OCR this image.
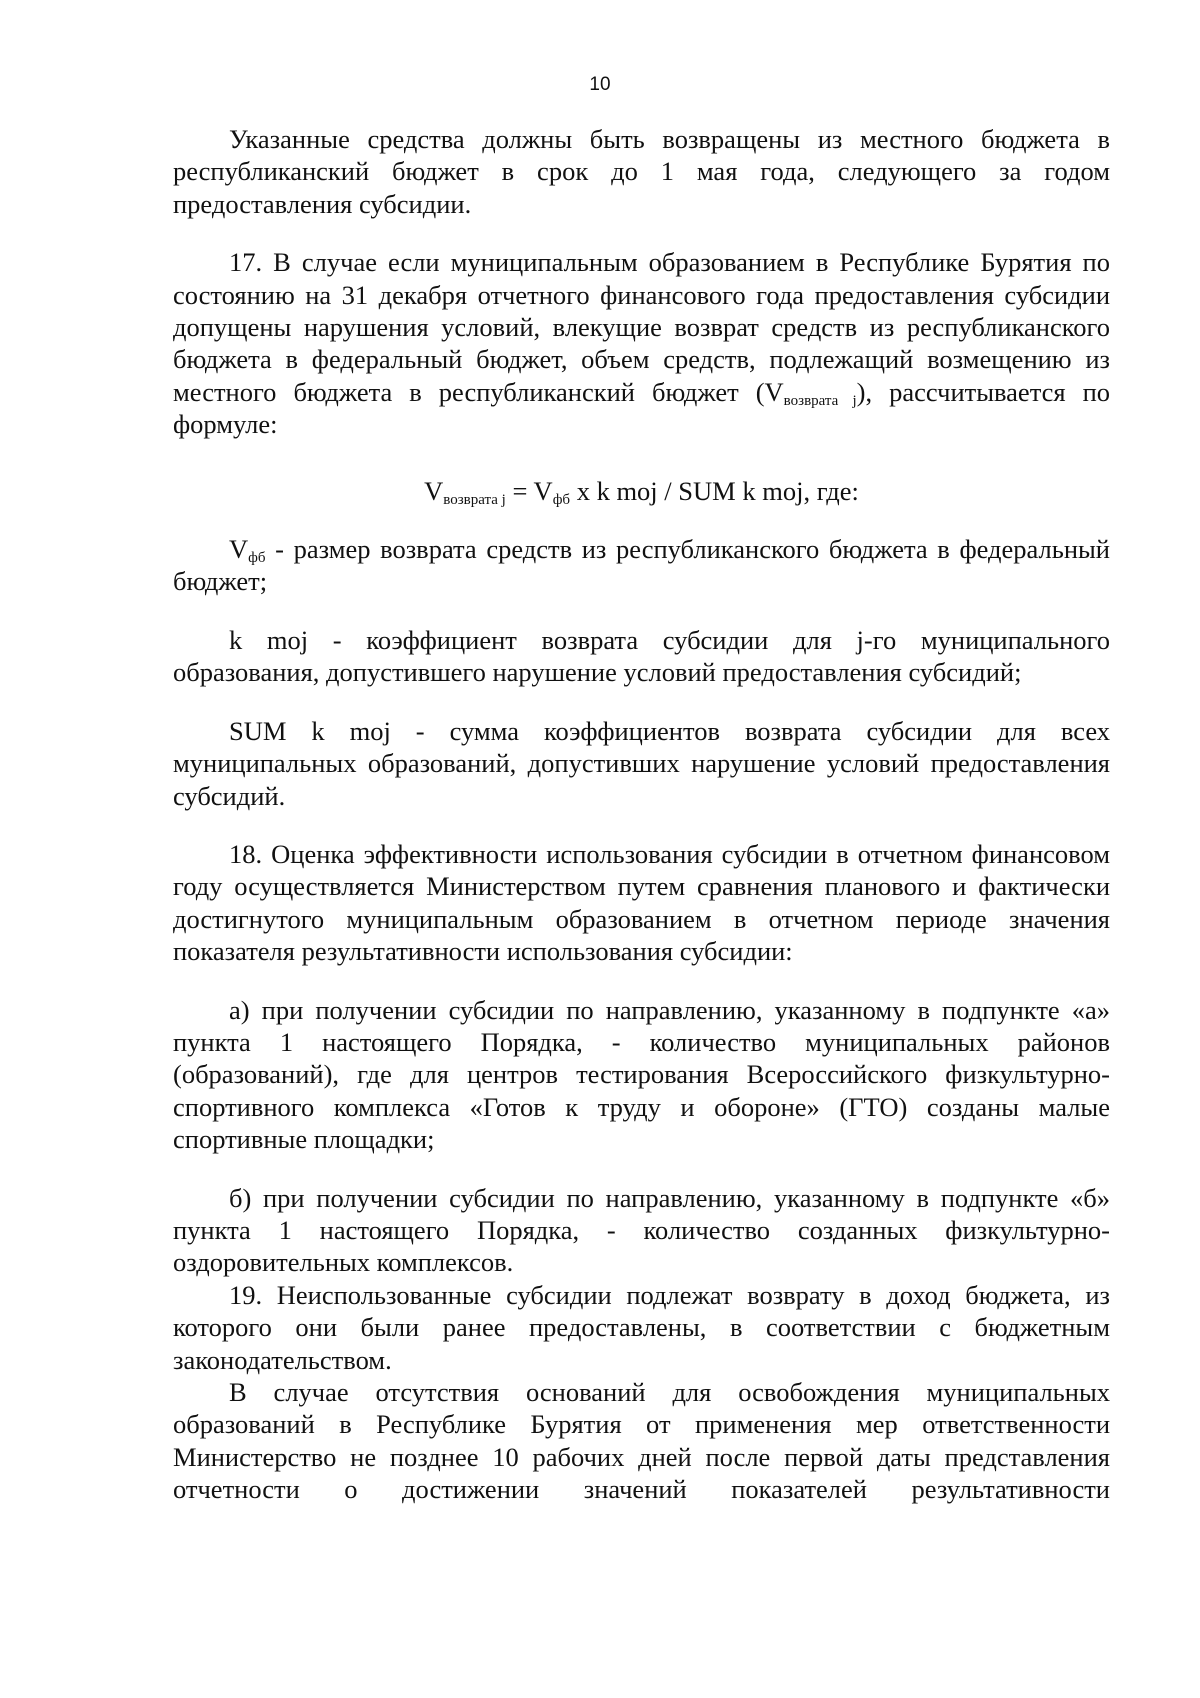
10

Указанные средства должны быть возвращены из местного бюджета в республиканский бюджет в срок до 1 мая года, следующего за годом предоставления субсидии.

17. В случае если муниципальным образованием в Республике Бурятия по состоянию на 31 декабря отчетного финансового года предоставления субсидии допущены нарушения условий, влекущие возврат средств из республиканского бюджета в федеральный бюджет, объем средств, подлежащий возмещению из местного бюджета в республиканский бюджет $(V_{возврата j})$, рассчитывается по формуле:

$V_{возврата j} = V_{фб}$ x k moj / SUM k moj, где:

$V_{фб}$ - размер возврата средств из республиканского бюджета в федеральный бюджет;

k moj - коэффициент возврата субсидии для j-го муниципального образования, допустившего нарушение условий предоставления субсидий;

SUM k moj - сумма коэффициентов возврата субсидии для всех муниципальных образований, допустивших нарушение условий предоставления субсидий.

18. Оценка эффективности использования субсидии в отчетном финансовом году осуществляется Министерством путем сравнения планового и фактически достигнутого муниципальным образованием в отчетном периоде значения показателя результативности использования субсидии:

а) при получении субсидии по направлению, указанному в подпункте «а» пункта 1 настоящего Порядка, - количество муниципальных районов (образований), где для центров тестирования Всероссийского физкультурно-спортивного комплекса «Готов к труду и обороне» (ГТО) созданы малые спортивные площадки;

б) при получении субсидии по направлению, указанному в подпункте «б» пункта 1 настоящего Порядка, - количество созданных физкультурно-оздоровительных комплексов.

19. Неиспользованные субсидии подлежат возврату в доход бюджета, из которого они были ранее предоставлены, в соответствии с бюджетным законодательством.

В случае отсутствия оснований для освобождения муниципальных образований в Республике Бурятия от применения мер ответственности Министерство не позднее 10 рабочих дней после первой даты представления отчетности о достижении значений показателей результативности
